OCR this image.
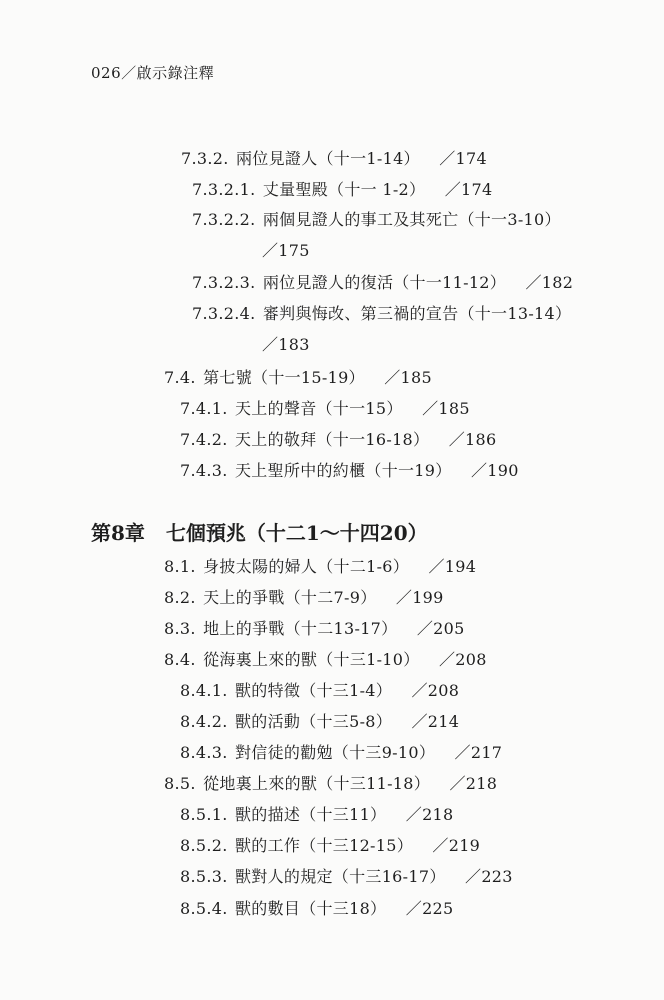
026／啟示錄注釋
7.3.2. 兩位見證人（十一1-14） ／174
7.3.2.1. 丈量聖殿（十一 1-2） ／174
7.3.2.2. 兩個見證人的事工及其死亡（十一3-10）
／175
7.3.2.3. 兩位見證人的復活（十一11-12） ／182
7.3.2.4. 審判與悔改、第三禍的宣告（十一13-14）
／183
7.4. 第七號（十一15-19） ／185
7.4.1. 天上的聲音（十一15） ／185
7.4.2. 天上的敬拜（十一16-18） ／186
7.4.3. 天上聖所中的約櫃（十一19） ／190
第8章 七個預兆（十二1～十四20）
8.1. 身披太陽的婦人（十二1-6） ／194
8.2. 天上的爭戰（十二7-9） ／199
8.3. 地上的爭戰（十二13-17） ／205
8.4. 從海裏上來的獸（十三1-10） ／208
8.4.1. 獸的特徵（十三1-4） ／208
8.4.2. 獸的活動（十三5-8） ／214
8.4.3. 對信徒的勸勉（十三9-10） ／217
8.5. 從地裏上來的獸（十三11-18） ／218
8.5.1. 獸的描述（十三11） ／218
8.5.2. 獸的工作（十三12-15） ／219
8.5.3. 獸對人的規定（十三16-17） ／223
8.5.4. 獸的數目（十三18） ／225
